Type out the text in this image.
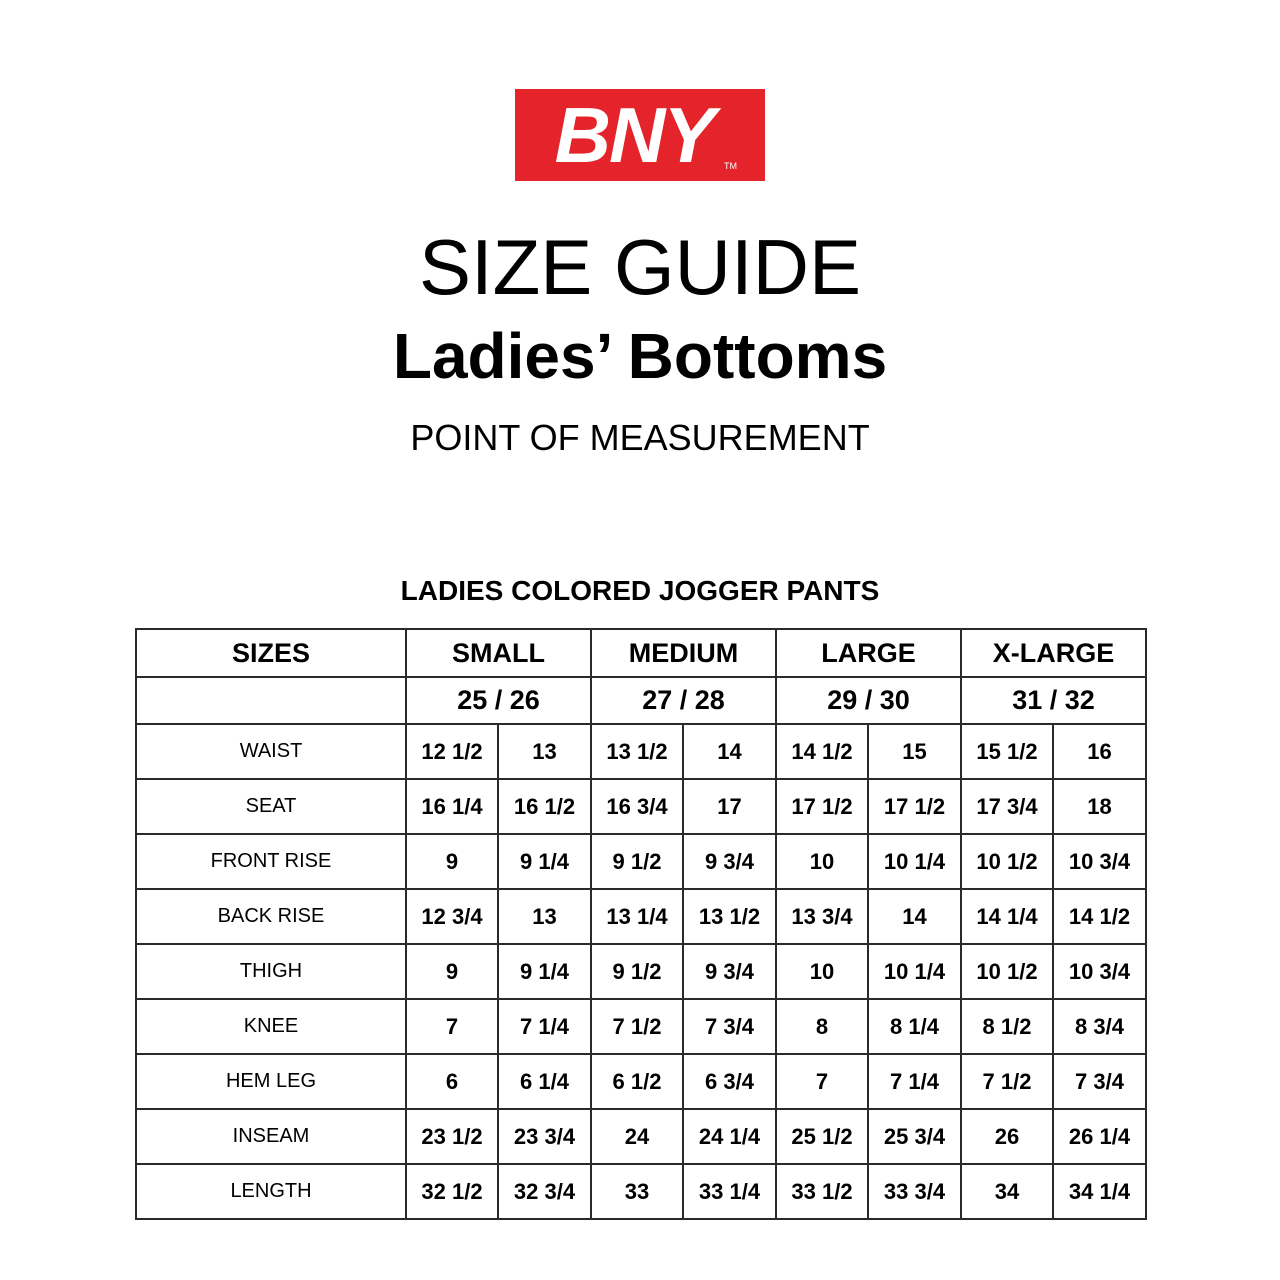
BNY	TM
SIZE GUIDE
Ladies’ Bottoms
POINT OF MEASUREMENT
LADIES COLORED JOGGER PANTS
SIZES	SMALL		MEDIUM		LARGE		X-LARGE	
	25 / 26		27 / 28		29 / 30		31 / 32	
WAIST	12 1/2	13	13 1/2	14	14 1/2	15	15 1/2	16
SEAT	16 1/4	16 1/2	16 3/4	17	17 1/2	17 1/2	17 3/4	18
FRONT RISE	9	9 1/4	9 1/2	9 3/4	10	10 1/4	10 1/2	10 3/4
BACK RISE	12 3/4	13	13 1/4	13 1/2	13 3/4	14	14 1/4	14 1/2
THIGH	9	9 1/4	9 1/2	9 3/4	10	10 1/4	10 1/2	10 3/4
KNEE	7	7 1/4	7 1/2	7 3/4	8	8 1/4	8 1/2	8 3/4
HEM LEG	6	6 1/4	6 1/2	6 3/4	7	7 1/4	7 1/2	7 3/4
INSEAM	23 1/2	23 3/4	24	24 1/4	25 1/2	25 3/4	26	26 1/4
LENGTH	32 1/2	32 3/4	33	33 1/4	33 1/2	33 3/4	34	34 1/4
